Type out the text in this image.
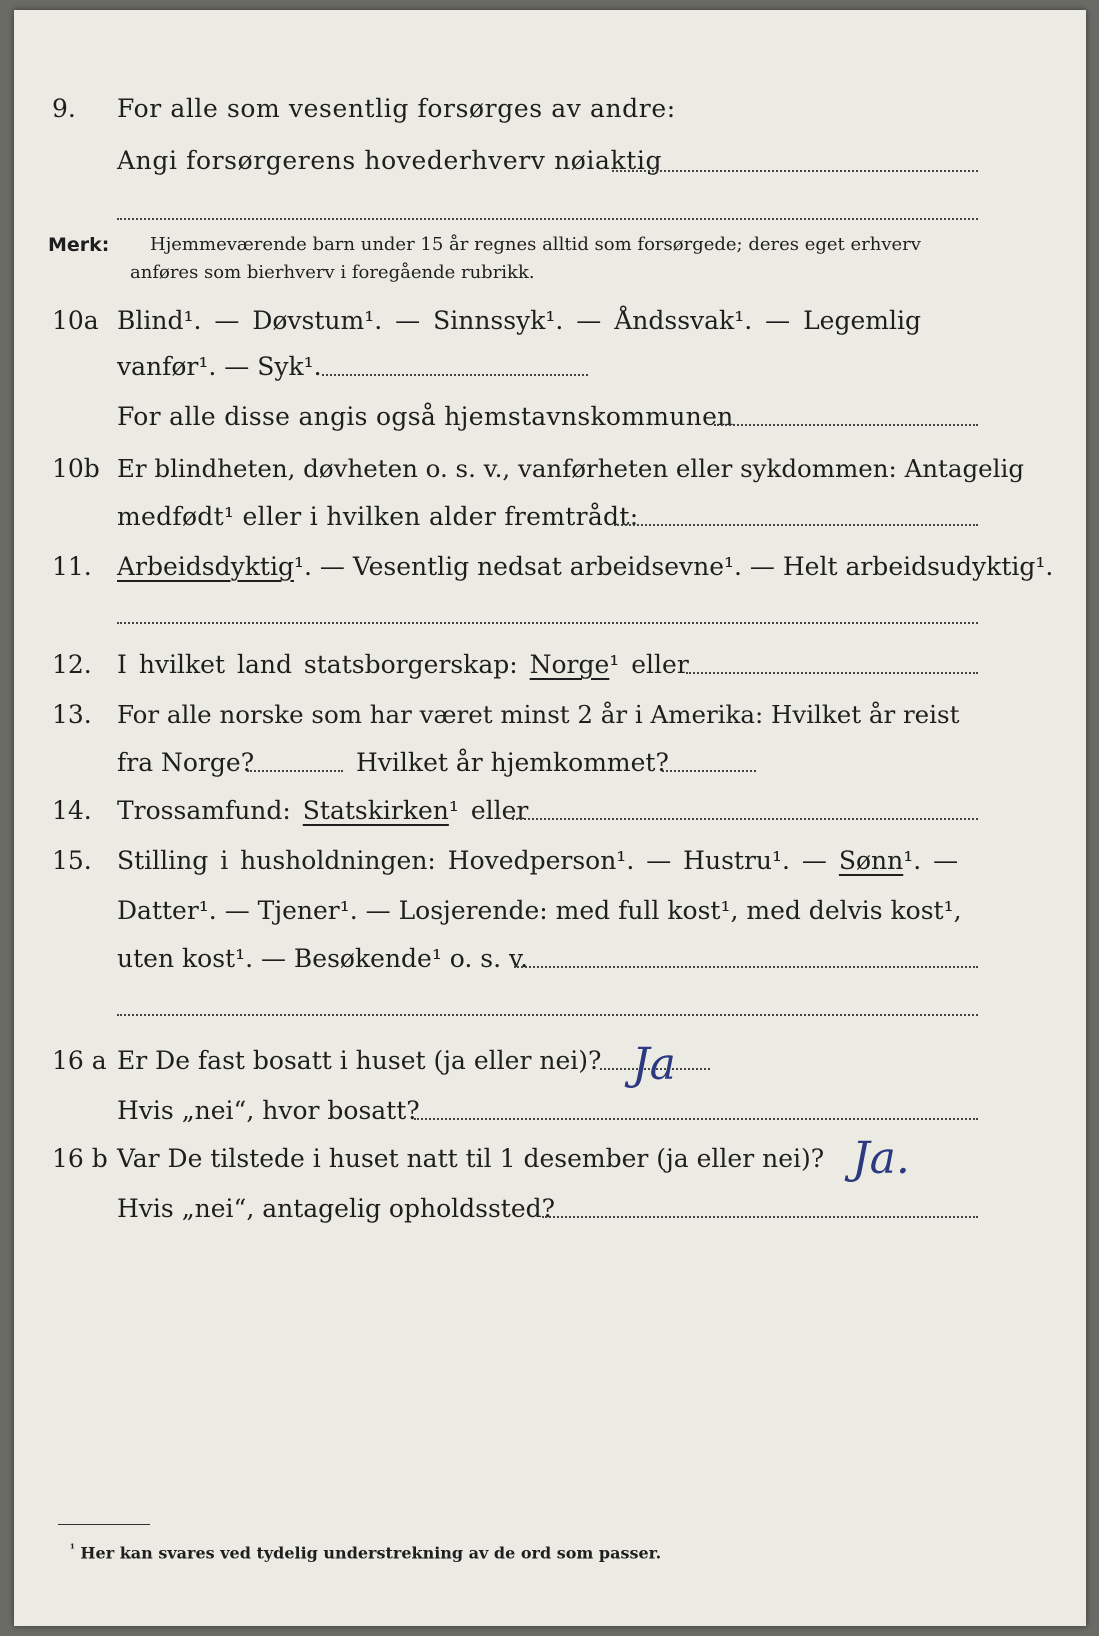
9. For alle som vesentlig forsørges av andre:
Angi forsørgerens hovederhverv nøiaktig
Merk: Hjemmeværende barn under 15 år regnes alltid som forsørgede; deres eget erhverv
anføres som bierhverv i foregående rubrikk.
10a Blind¹. — Døvstum¹. — Sinnssyk¹. — Åndssvak¹. — Legemlig
vanfør¹. — Syk¹.
For alle disse angis også hjemstavnskommunen
10b Er blindheten, døvheten o. s. v., vanførheten eller sykdommen: Antagelig
medfødt¹ eller i hvilken alder fremtrådt:
11. Arbeidsdyktig¹. — Vesentlig nedsat arbeidsevne¹. — Helt arbeidsudyktig¹.
12. I hvilket land statsborgerskap: Norge¹ eller
13. For alle norske som har været minst 2 år i Amerika: Hvilket år reist
fra Norge?	Hvilket år hjemkommet?
14. Trossamfund: Statskirken¹ eller
15. Stilling i husholdningen: Hovedperson¹. — Hustru¹. — Sønn¹. —
Datter¹. — Tjener¹. — Losjerende: med full kost¹, med delvis kost¹,
uten kost¹. — Besøkende¹ o. s. v.
16 a Er De fast bosatt i huset (ja eller nei)? Ja
Hvis „nei“, hvor bosatt?
16 b Var De tilstede i huset natt til 1 desember (ja eller nei)? Ja.
Hvis „nei“, antagelig opholdssted?
$^{^1}$ Her kan svares ved tydelig understrekning av de ord som passer.
